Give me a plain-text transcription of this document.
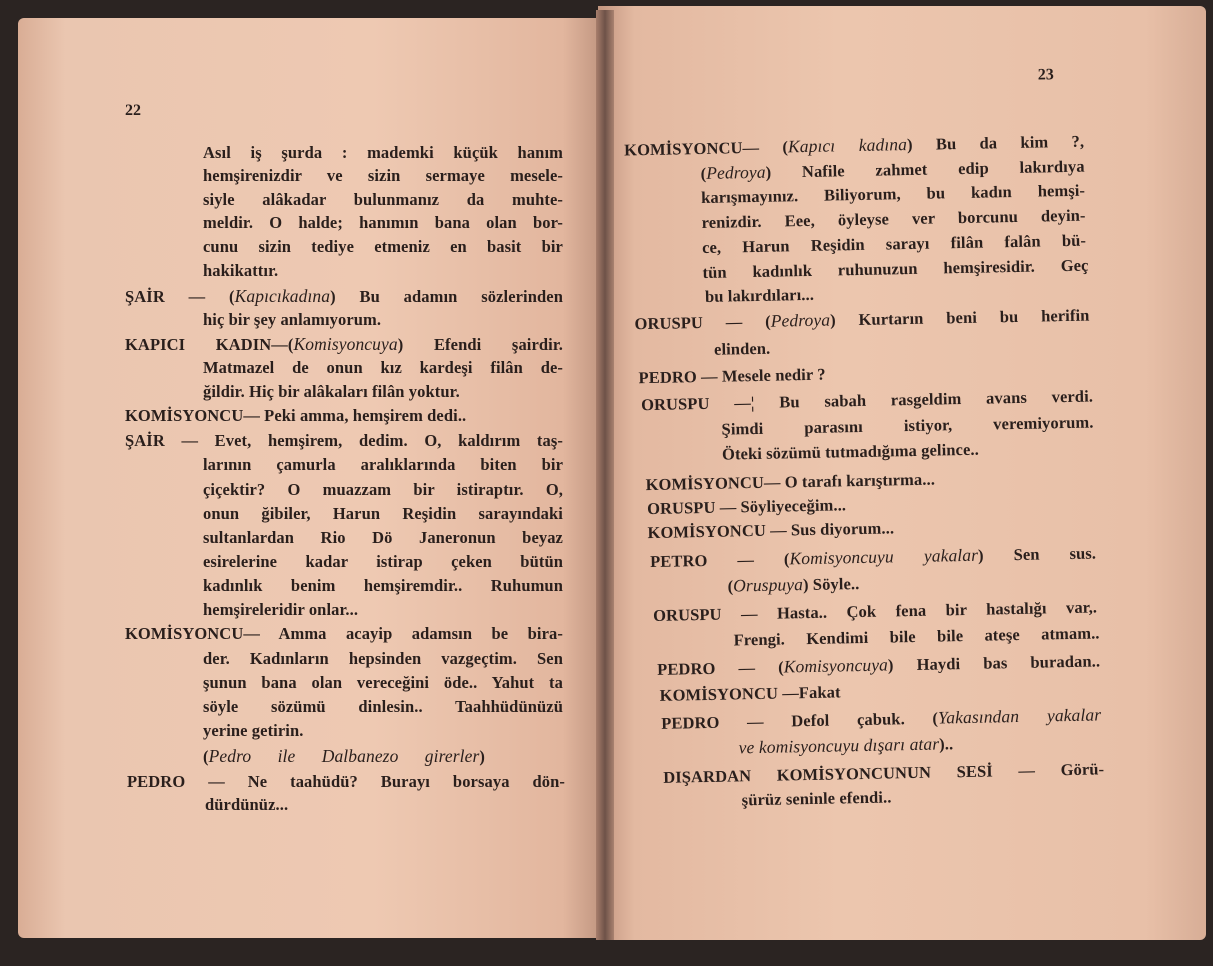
22
Asıl iş şurda : mademki küçük hanım
hemşirenizdir ve sizin sermaye mesele-
siyle alâkadar bulunmanız da muhte-
meldir. O halde; hanımın bana olan bor-
cunu sizin tediye etmeniz en basit bir
hakikattır.
ŞAİR — (Kapıcıkadına) Bu adamın sözlerinden
hiç bir şey anlamıyorum.
KAPICI KADIN—(Komisyoncuya) Efendi şairdir.
Matmazel de onun kız kardeşi filân de-
ğildir. Hiç bir alâkaları filân yoktur.
KOMİSYONCU— Peki amma, hemşirem dedi..
ŞAİR — Evet, hemşirem, dedim. O, kaldırım taş-
larının çamurla aralıklarında biten bir
çiçektir? O muazzam bir istiraptır. O,
onun ğibiler, Harun Reşidin sarayındaki
sultanlardan Rio Dö Janeronun beyaz
esirelerine kadar istirap çeken bütün
kadınlık benim hemşiremdir.. Ruhumun
hemşireleridir onlar...
KOMİSYONCU— Amma acayip adamsın be bira-
der. Kadınların hepsinden vazgeçtim. Sen
şunun bana olan vereceğini öde.. Yahut ta
söyle sözümü dinlesin.. Taahhüdünüzü
yerine getirin.
(Pedro ile Dalbanezo girerler)
PEDRO — Ne taahüdü? Burayı borsaya dön-
dürdünüz...
23
KOMİSYONCU— (Kapıcı kadına) Bu da kim ?,
(Pedroya) Nafile zahmet edip lakırdıya
karışmayınız. Biliyorum, bu kadın hemşi-
renizdir. Eee, öyleyse ver borcunu deyin-
ce, Harun Reşidin sarayı filân falân bü-
tün kadınlık ruhunuzun hemşiresidir. Geç
bu lakırdıları...
ORUSPU — (Pedroya) Kurtarın beni bu herifin
elinden.
PEDRO — Mesele nedir ?
ORUSPU —¦ Bu sabah rasgeldim avans verdi.
Şimdi parasını istiyor, veremiyorum.
Öteki sözümü tutmadığıma gelince..
KOMİSYONCU— O tarafı karıştırma...
ORUSPU — Söyliyeceğim...
KOMİSYONCU — Sus diyorum...
PETRO — (Komisyoncuyu yakalar) Sen sus.
(Oruspuya) Söyle..
ORUSPU — Hasta.. Çok fena bir hastalığı var,.
Frengi. Kendimi bile bile ateşe atmam..
PEDRO — (Komisyoncuya) Haydi bas buradan..
KOMİSYONCU —Fakat
PEDRO — Defol çabuk. (Yakasından yakalar
ve komisyoncuyu dışarı atar)..
DIŞARDAN KOMİSYONCUNUN SESİ — Görü-
şürüz seninle efendi..
